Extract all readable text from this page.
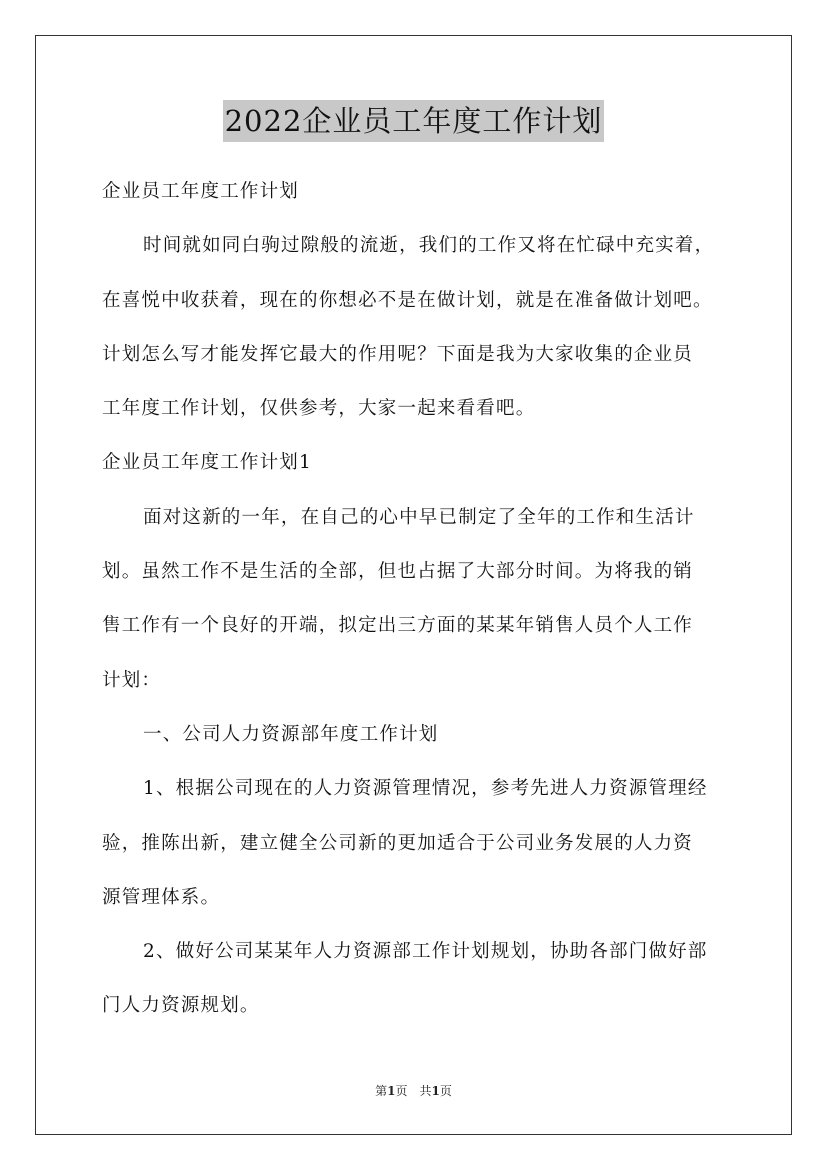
2022企业员工年度工作计划
企业员工年度工作计划
时间就如同白驹过隙般的流逝，我们的工作又将在忙碌中充实着，
在喜悦中收获着，现在的你想必不是在做计划，就是在准备做计划吧。
计划怎么写才能发挥它最大的作用呢？下面是我为大家收集的企业员
工年度工作计划，仅供参考，大家一起来看看吧。
企业员工年度工作计划1
面对这新的一年，在自己的心中早已制定了全年的工作和生活计
划。虽然工作不是生活的全部，但也占据了大部分时间。为将我的销
售工作有一个良好的开端，拟定出三方面的某某年销售人员个人工作
计划：
一、公司人力资源部年度工作计划
1、根据公司现在的人力资源管理情况，参考先进人力资源管理经
验，推陈出新，建立健全公司新的更加适合于公司业务发展的人力资
源管理体系。
2、做好公司某某年人力资源部工作计划规划，协助各部门做好部
门人力资源规划。
第1页　共1页
